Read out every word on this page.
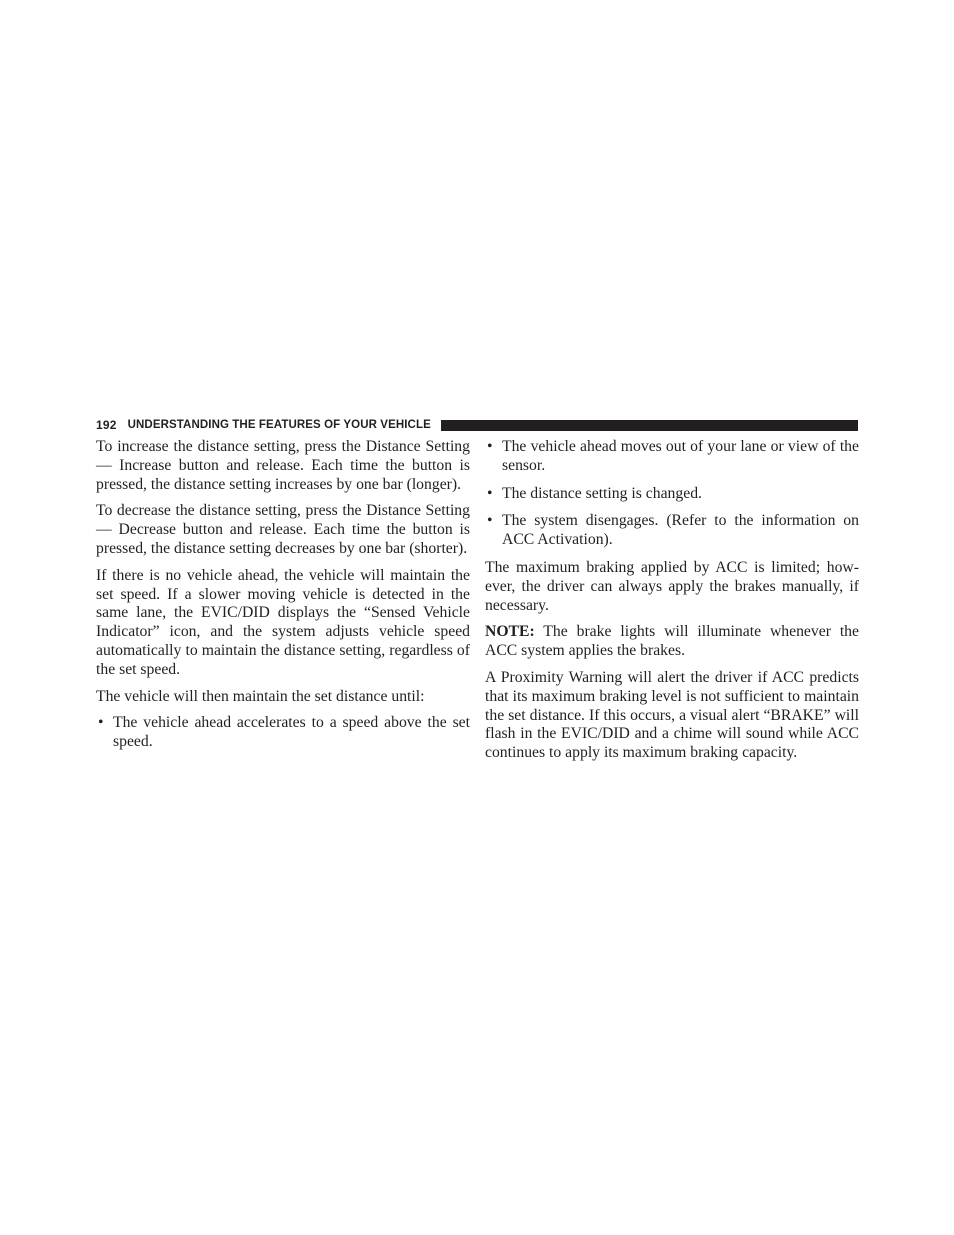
192 UNDERSTANDING THE FEATURES OF YOUR VEHICLE

To increase the distance setting, press the Distance Setting — Increase button and release. Each time the button is pressed, the distance setting increases by one bar (longer).

To decrease the distance setting, press the Distance Setting — Decrease button and release. Each time the button is pressed, the distance setting decreases by one bar (shorter).

If there is no vehicle ahead, the vehicle will maintain the set speed. If a slower moving vehicle is detected in the same lane, the EVIC/DID displays the “Sensed Vehicle Indicator” icon, and the system adjusts vehicle speed automatically to maintain the distance setting, regardless of the set speed.

The vehicle will then maintain the set distance until:

• The vehicle ahead accelerates to a speed above the set speed.
• The vehicle ahead moves out of your lane or view of the sensor.
• The distance setting is changed.
• The system disengages. (Refer to the information on ACC Activation).

The maximum braking applied by ACC is limited; however, the driver can always apply the brakes manually, if necessary.

NOTE: The brake lights will illuminate whenever the ACC system applies the brakes.

A Proximity Warning will alert the driver if ACC predicts that its maximum braking level is not sufficient to maintain the set distance. If this occurs, a visual alert “BRAKE” will flash in the EVIC/DID and a chime will sound while ACC continues to apply its maximum braking capacity.
